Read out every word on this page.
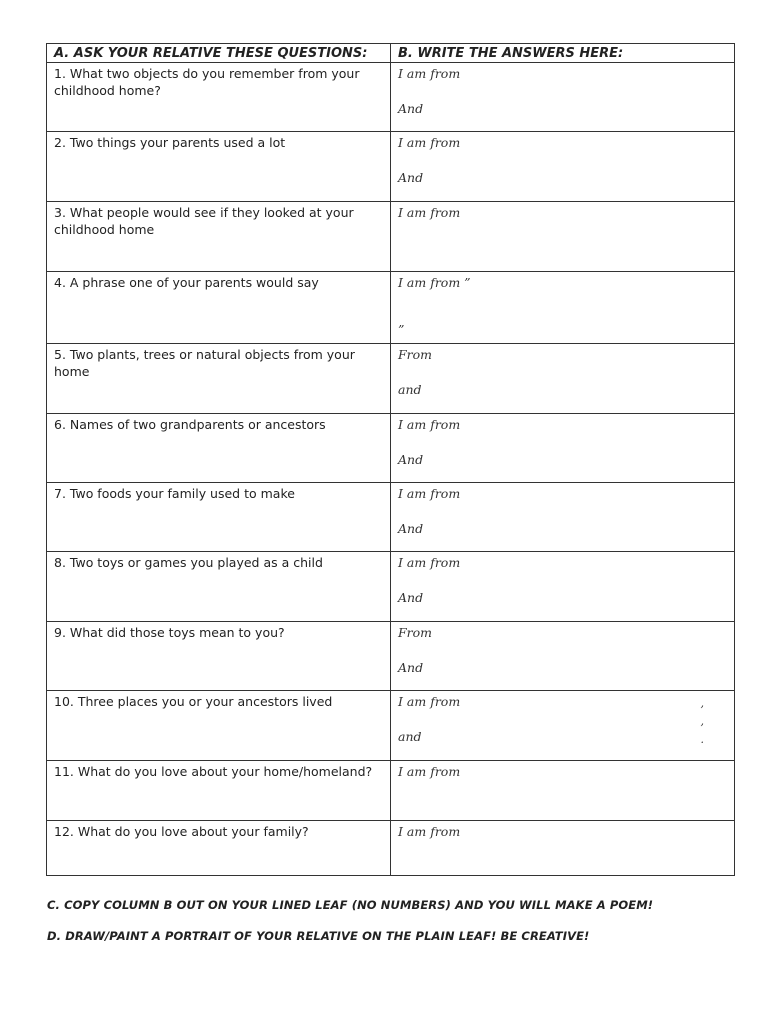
A. ASK YOUR RELATIVE THESE QUESTIONS:	B. WRITE THE ANSWERS HERE:
1. What two objects do you remember from your childhood home?	I am from
And

2. Two things your parents used a lot	I am from
And

3. What people would see if they looked at your childhood home	I am from

4. A phrase one of your parents would say	I am from ”
”

5. Two plants, trees or natural objects from your home	From
and

6. Names of two grandparents or ancestors	I am from
And

7. Two foods your family used to make	I am from
And

8. Two toys or games you played as a child	I am from
And

9. What did those toys mean to you?	From
And

10. Three places you or your ancestors lived	I am from
and
,
,
.

11. What do you love about your home/homeland?	I am from

12. What do you love about your family?	I am from
C. COPY COLUMN B OUT ON YOUR LINED LEAF (NO NUMBERS) AND YOU WILL MAKE A POEM!
D. DRAW/PAINT A PORTRAIT OF YOUR RELATIVE ON THE PLAIN LEAF! BE CREATIVE!
